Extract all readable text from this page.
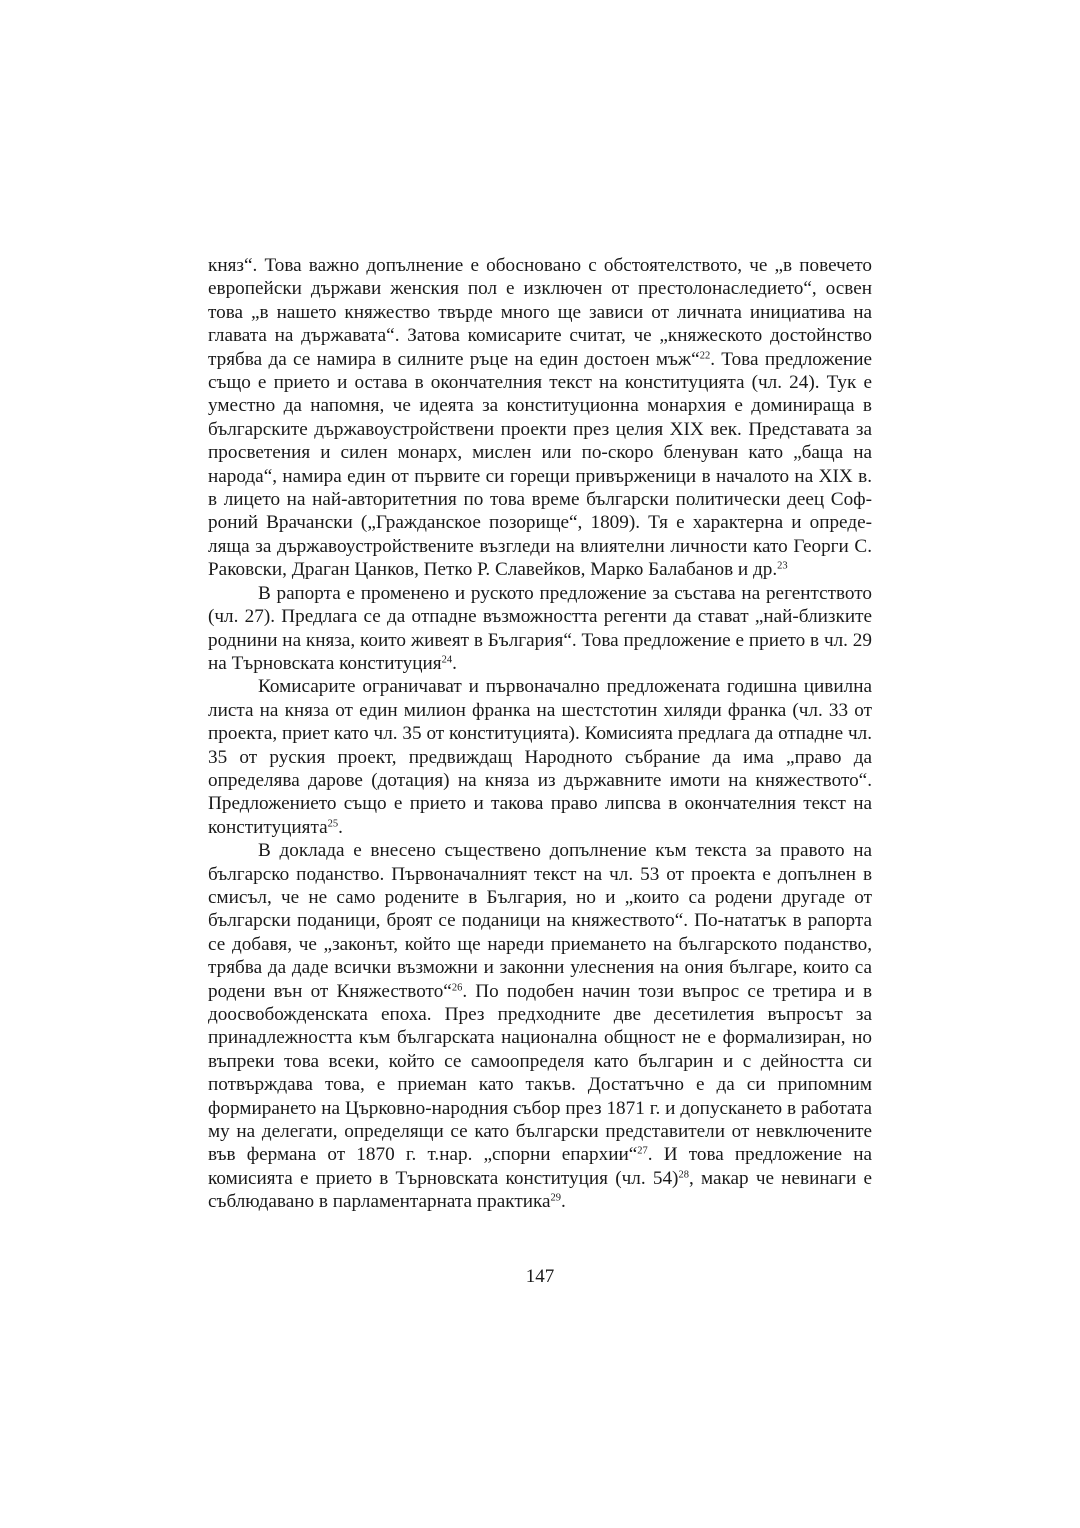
княз“. Това важно допълнение е обосновано с обстоятелството, че „в повечето европейски държави женския пол е изключен от престолонаследието“, освен това „в нашето княжество твърде много ще зависи от личната инициатива на главата на държавата“. Затова комисарите считат, че „княжеското достойнство трябва да се намира в силните ръце на един достоен мъж“$^{22}$. Това предложение също е прието и остава в окончателния текст на конституцията (чл. 24). Тук е уместно да напомня, че идеята за конституционна монархия е доминираща в българските държавоустройствени проекти през целия XIX век. Представата за просветения и силен монарх, мислен или по-скоро бленуван като „баща на народа“, намира един от първите си горещи привърженици в началото на XIX в. в лицето на най-авторитетния по това време български политически деец Софроний Врачански („Гражданское позорище“, 1809). Тя е характерна и определяща за държавоустройствените възгледи на влиятелни личности като Георги С. Раковски, Драган Цанков, Петко Р. Славейков, Марко Балабанов и др.$^{23}$

В рапорта е променено и руското предложение за състава на регентството (чл. 27). Предлага се да отпадне възможността регенти да стават „най-близките роднини на княза, които живеят в България“. Това предложение е прието в чл. 29 на Търновската конституция$^{24}$.

Комисарите ограничават и първоначално предложената годишна цивилна листа на княза от един милион франка на шестстотин хиляди франка (чл. 33 от проекта, приет като чл. 35 от конституцията). Комисията предлага да отпадне чл. 35 от руския проект, предвиждащ Народното събрание да има „право да определява дарове (дотация) на княза из държавните имоти на княжеството“. Предложението също е прието и такова право липсва в окончателния текст на конституцията$^{25}$.

В доклада е внесено съществено допълнение към текста за правото на българско поданство. Първоначалният текст на чл. 53 от проекта е допълнен в смисъл, че не само родените в България, но и „които са родени другаде от български поданици, броят се поданици на княжеството“. По-нататък в рапорта се добавя, че „законът, който ще нареди приемането на българското поданство, трябва да даде всички възможни и законни улеснения на ония българе, които са родени вън от Княжеството“$^{26}$. По подобен начин този въпрос се третира и в доосвобожденската епоха. През предходните две десетилетия въпросът за принадлежността към българската национална общност не е формализиран, но въпреки това всеки, който се самоопределя като българин и с дейността си потвърждава това, е приеман като такъв. Достатъчно е да си припомним формирането на Църковно-народния събор през 1871 г. и допускането в работата му на делегати, определящи се като български представители от невключените във фермана от 1870 г. т.нар. „спорни епархии“$^{27}$. И това предложение на комисията е прието в Търновската конституция (чл. 54)$^{28}$, макар че невинаги е съблюдавано в парламентарната практика$^{29}$.

147
